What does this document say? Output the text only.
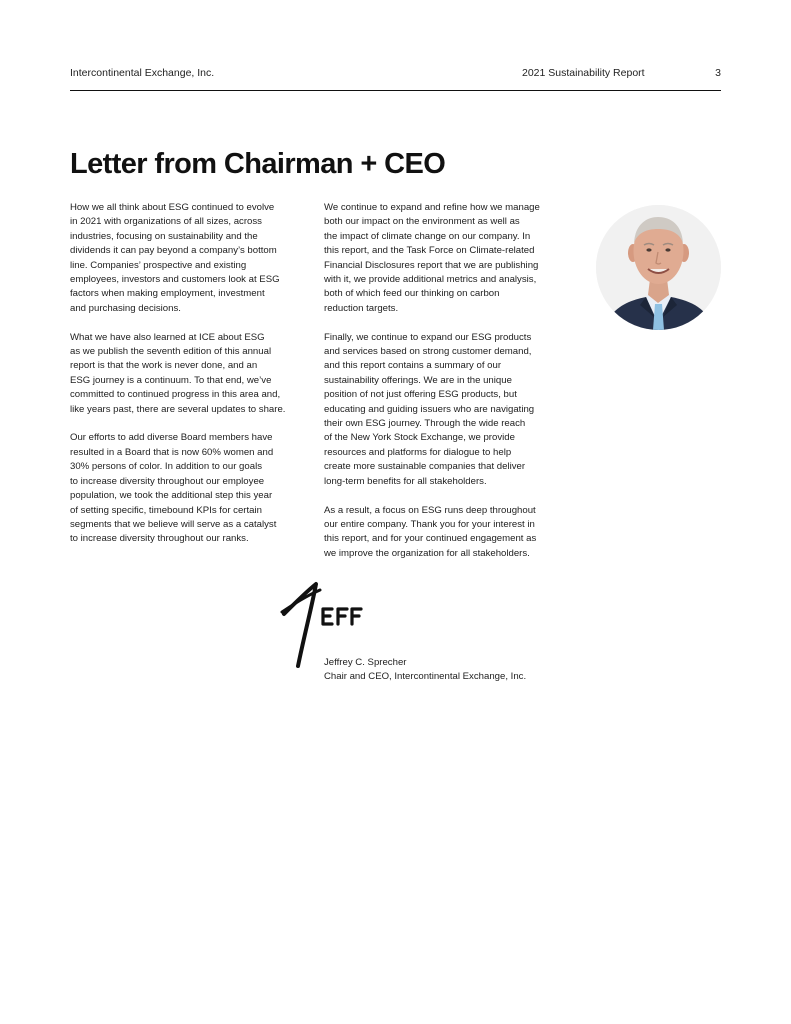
Intercontinental Exchange, Inc.	2021 Sustainability Report	3
Letter from Chairman + CEO

How we all think about ESG continued to evolve
in 2021 with organizations of all sizes, across
industries, focusing on sustainability and the
dividends it can pay beyond a company’s bottom
line. Companies’ prospective and existing
employees, investors and customers look at ESG
factors when making employment, investment
and purchasing decisions.

What we have also learned at ICE about ESG
as we publish the seventh edition of this annual
report is that the work is never done, and an
ESG journey is a continuum. To that end, we’ve
committed to continued progress in this area and,
like years past, there are several updates to share.

Our efforts to add diverse Board members have
resulted in a Board that is now 60% women and
30% persons of color. In addition to our goals
to increase diversity throughout our employee
population, we took the additional step this year
of setting specific, timebound KPIs for certain
segments that we believe will serve as a catalyst
to increase diversity throughout our ranks.

We continue to expand and refine how we manage
both our impact on the environment as well as
the impact of climate change on our company. In
this report, and the Task Force on Climate-related
Financial Disclosures report that we are publishing
with it, we provide additional metrics and analysis,
both of which feed our thinking on carbon
reduction targets.

Finally, we continue to expand our ESG products
and services based on strong customer demand,
and this report contains a summary of our
sustainability offerings. We are in the unique
position of not just offering ESG products, but
educating and guiding issuers who are navigating
their own ESG journey. Through the wide reach
of the New York Stock Exchange, we provide
resources and platforms for dialogue to help
create more sustainable companies that deliver
long-term benefits for all stakeholders.

As a result, a focus on ESG runs deep throughout
our entire company. Thank you for your interest in
this report, and for your continued engagement as
we improve the organization for all stakeholders.

Jeffrey C. Sprecher
Chair and CEO, Intercontinental Exchange, Inc.
